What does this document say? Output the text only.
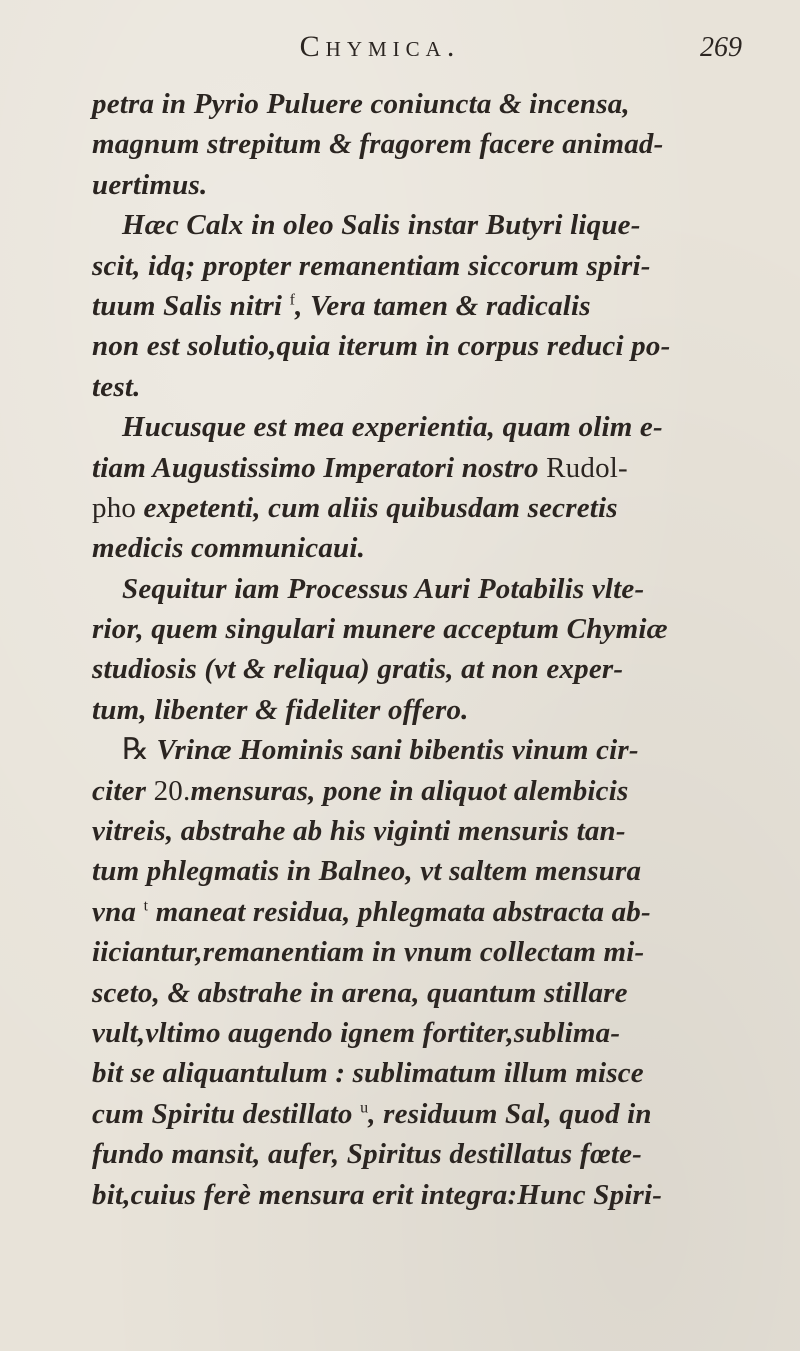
Chymica.	269
petra in Pyrio Puluere coniuncta & incensa,
magnum strepitum & fragorem facere animad-
uertimus.
Hæc Calx in oleo Salis instar Butyri lique-
scit, idq; propter remanentiam siccorum spiri-
tuum Salis nitri $^f$, Vera tamen & radicalis
non est solutio,quia iterum in corpus reduci po-
test.
Hucusque est mea experientia, quam olim e-
tiam Augustissimo Imperatori nostro Rudol-
pho expetenti, cum aliis quibusdam secretis
medicis communicaui.
Sequitur iam Processus Auri Potabilis vlte-
rior, quem singulari munere acceptum Chymiæ
studiosis (vt & reliqua) gratis, at non exper-
tum, libenter & fideliter offero.
℞ Vrinæ Hominis sani bibentis vinum cir-
citer 20.mensuras, pone in aliquot alembicis
vitreis, abstrahe ab his viginti mensuris tan-
tum phlegmatis in Balneo, vt saltem mensura
vna $^t$ maneat residua, phlegmata abstracta ab-
iiciantur,remanentiam in vnum collectam mi-
sceto, & abstrahe in arena, quantum stillare
vult,vltimo augendo ignem fortiter,sublima-
bit se aliquantulum : sublimatum illum misce
cum Spiritu destillato $^u$, residuum Sal, quod in
fundo mansit, aufer, Spiritus destillatus fœte-
bit,cuius ferè mensura erit integra:Hunc Spiri-
